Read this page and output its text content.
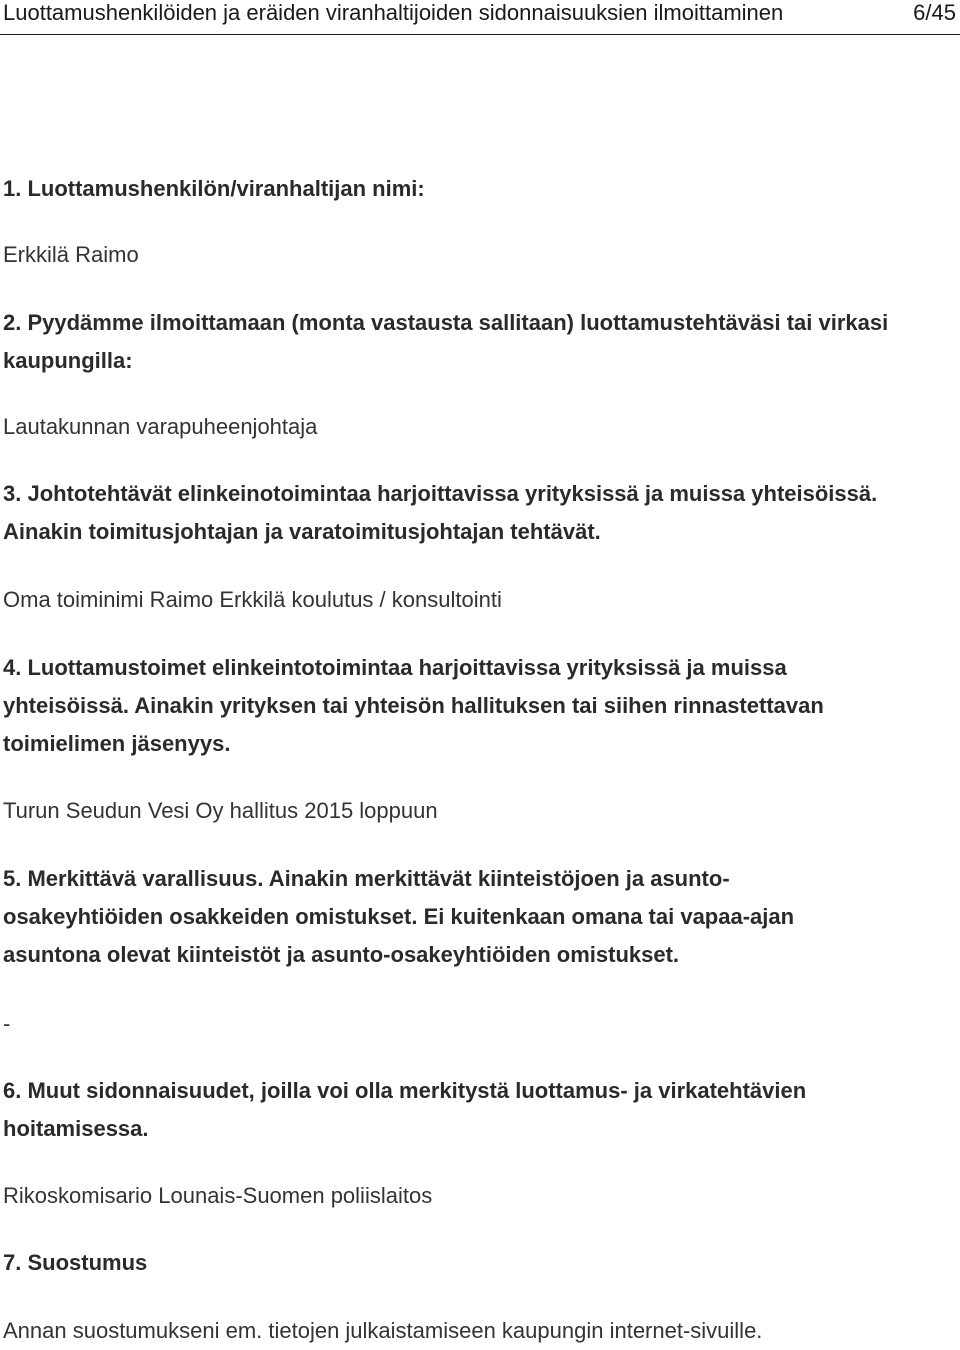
Luottamushenkilöiden ja eräiden viranhaltijoiden sidonnaisuuksien ilmoittaminen	6/45
1. Luottamushenkilön/viranhaltijan nimi:
Erkkilä Raimo
2. Pyydämme ilmoittamaan (monta vastausta sallitaan) luottamustehtäväsi tai virkasi kaupungilla:
Lautakunnan varapuheenjohtaja
3. Johtotehtävät elinkeinotoimintaa harjoittavissa yrityksissä ja muissa yhteisöissä. Ainakin toimitusjohtajan ja varatoimitusjohtajan tehtävät.
Oma toiminimi Raimo Erkkilä koulutus / konsultointi
4. Luottamustoimet elinkeintotoimintaa harjoittavissa yrityksissä ja muissa yhteisöissä. Ainakin yrityksen tai yhteisön hallituksen tai siihen rinnastettavan toimielimen jäsenyys.
Turun Seudun Vesi Oy hallitus 2015 loppuun
5. Merkittävä varallisuus. Ainakin merkittävät kiinteistöjoen ja asunto-osakeyhtiöiden osakkeiden omistukset. Ei kuitenkaan omana tai vapaa-ajan asuntona olevat kiinteistöt ja asunto-osakeyhtiöiden omistukset.
-
6. Muut sidonnaisuudet, joilla voi olla merkitystä luottamus- ja virkatehtävien hoitamisessa.
Rikoskomisario Lounais-Suomen poliislaitos
7. Suostumus
Annan suostumukseni em. tietojen julkaistamiseen kaupungin internet-sivuille.
